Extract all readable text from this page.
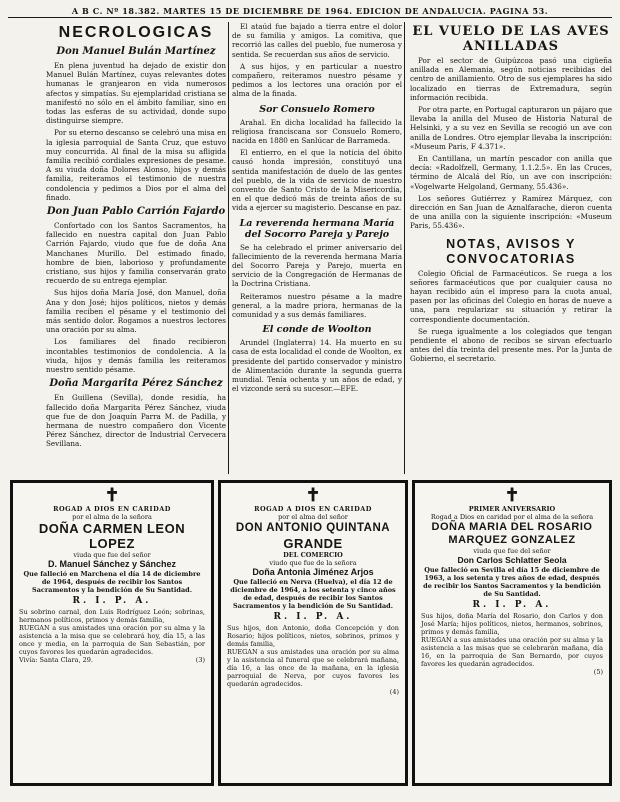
A B C. Nº 18.382. MARTES 15 DE DICIEMBRE DE 1964. EDICION DE ANDALUCIA. PAGINA 53.
NECROLOGICAS
Don Manuel Bulán Martínez

En plena juventud ha dejado de existir don Manuel Bulán Martínez, cuyas relevantes dotes humanas le granjearon en vida numerosos afectos y simpatías. Su ejemplaridad cristiana se manifestó no sólo en el ámbito familiar, sino en todas las esferas de su actividad, donde supo distinguirse siempre.

Por su eterno descanso se celebró una misa en la iglesia parroquial de Santa Cruz, que estuvo muy concurrida. Al final de la misa su afligida familia recibió cordiales expresiones de pesame. A su viuda doña Dolores Alonso, hijos y demás familia, reiteramos el testimonio de nuestra condolencia y pedimos a Dios por el alma del finado.

Don Juan Pablo Carrión Fajardo

Confortado con los Santos Sacramentos, ha fallecido en nuestra capital don Juan Pablo Carrión Fajardo, viudo que fue de doña Ana Manchanes Murillo. Del estimado finado, hombre de bien, laborioso y profundamente cristiano, sus hijos y familia conservarán grato recuerdo de su entrega ejemplar.

Sus hijos doña María José, don Manuel, doña Ana y don José; hijos políticos, nietos y demás familia reciben el pésame y el testimonio del más sentido dolor. Rogamos a nuestros lectores una oración por su alma.

Los familiares del finado recibieron incontables testimonios de condolencia. A la viuda, hijos y demás familia les reiteramos nuestro sentido pésame.

Doña Margarita Pérez Sánchez

En Guillena (Sevilla), donde residía, ha fallecido doña Margarita Pérez Sánchez, viuda que fue de don Joaquín Parra M. de Padilla, y hermana de nuestro compañero don Vicente Pérez Sánchez, director de Industrial Cervecera Sevillana.

El ataúd fue bajado a tierra entre el dolor de su familia y amigos. La comitiva, que recorrió las calles del pueblo, fue numerosa y sentida. Se recuerdan sus años de servicio.

A sus hijos, y en particular a nuestro compañero, reiteramos nuestro pésame y pedimos a los lectores una oración por el alma de la finada.

Sor Consuelo Romero

Arahal. En dicha localidad ha fallecido la religiosa franciscana sor Consuelo Romero, nacida en 1880 en Sanlúcar de Barrameda.

El entierro, en el que la noticia del óbito causó honda impresión, constituyó una sentida manifestación de duelo de las gentes del pueblo, de la vida de servicio de nuestro convento de Santo Cristo de la Misericordia, en el que dedicó más de treinta años de su vida a ejercer su magisterio. Descanse en paz.

La reverenda hermana María del Socorro Pareja y Parejo

Se ha celebrado el primer aniversario del fallecimiento de la reverenda hermana María del Socorro Pareja y Parejo, muerta en servicio de la Congregación de Hermanas de la Doctrina Cristiana.

Reiteramos nuestro pésame a la madre general, a la madre priora, hermanas de la comunidad y a sus demás familiares.

El conde de Woolton

Arundel (Inglaterra) 14. Ha muerto en su casa de esta localidad el conde de Woolton, ex presidente del partido conservador y ministro de Alimentación durante la segunda guerra mundial. Tenía ochenta y un años de edad, y el vizconde será su sucesor.—EFE.

EL VUELO DE LAS AVES ANILLADAS

Por el sector de Guipúzcoa pasó una cigüeña anillada en Alemania, según noticias recibidas del centro de anillamiento. Otro de sus ejemplares ha sido localizado en tierras de Extremadura, según información recibida.

Por otra parte, en Portugal capturaron un pájaro que llevaba la anilla del Museo de Historia Natural de Helsinki, y a su vez en Sevilla se recogió un ave con anilla de Londres. Otro ejemplar llevaba la inscripción: «Museum Paris, F 4.371».

En Cantillana, un martín pescador con anilla que decía: «Radolfzell, Germany, 1.1.2.5». En las Cruces, término de Alcalá del Río, un ave con inscripción: «Vogelwarte Helgoland, Germany, 55.436».

Los señores Gutiérrez y Ramírez Márquez, con dirección en San Juan de Aznalfarache, dieron cuenta de una anilla con la siguiente inscripción: «Museum Paris, 55.436».

NOTAS, AVISOS Y CONVOCATORIAS

Colegio Oficial de Farmacéuticos. Se ruega a los señores farmacéuticos que por cualquier causa no hayan recibido aún el impreso para la cuota anual, pasen por las oficinas del Colegio en horas de nueve a una, para regularizar su situación y retirar la correspondiente documentación.

Se ruega igualmente a los colegiados que tengan pendiente el abono de recibos se sirvan efectuarlo antes del día treinta del presente mes. Por la Junta de Gobierno, el secretario.

✝
ROGAD A DIOS EN CARIDAD
por el alma de la señora
DOÑA CARMEN LEON
LOPEZ
viuda que fue del señor
D. Manuel Sánchez y Sánchez
Que falleció en Marchena el día 14 de diciembre de 1964, después de recibir los Santos Sacramentos y la bendición de Su Santidad.
R. I. P. A.
Su sobrino carnal, don Luis Rodríguez León; sobrinas, hermanos políticos, primos y demás familia,
RUEGAN a sus amistades una oración por su alma y la asistencia a la misa que se celebrará hoy, día 15, a las once y media, en la parroquia de San Sebastián, por cuyos favores les quedarán agradecidos.
Vivía: Santa Clara, 29.	(3)
✝
ROGAD A DIOS EN CARIDAD
por el alma del señor
DON ANTONIO QUINTANA
GRANDE
DEL COMERCIO
viudo que fue de la señora
Doña Antonia Jiménez Arjos
Que falleció en Nerva (Huelva), el día 12 de diciembre de 1964, a los setenta y cinco años de edad, después de recibir los Santos Sacramentos y la bendición de Su Santidad.
R. I. P. A.
Sus hijos, don Antonio, doña Concepción y don Rosario; hijos políticos, nietos, sobrinos, primos y demás familia,
RUEGAN a sus amistades una oración por su alma y la asistencia al funeral que se celebrará mañana, día 16, a las once de la mañana, en la iglesia parroquial de Nerva, por cuyos favores les quedarán agradecidos.
(4)
✝
PRIMER ANIVERSARIO
Rogad a Dios en caridad por el alma de la señora
DOÑA MARIA DEL ROSARIO
MARQUEZ GONZALEZ
viuda que fue del señor
Don Carlos Schlatter Seola
Que falleció en Sevilla el día 15 de diciembre de 1963, a los setenta y tres años de edad, después de recibir los Santos Sacramentos y la bendición de Su Santidad.
R. I. P. A.
Sus hijos, doña María del Rosario, don Carlos y don José María; hijos políticos, nietos, hermanos, sobrinos, primos y demás familia,
RUEGAN a sus amistades una oración por su alma y la asistencia a las misas que se celebrarán mañana, día 16, en la parroquia de San Bernardo, por cuyos favores les quedarán agradecidos.
(5)
